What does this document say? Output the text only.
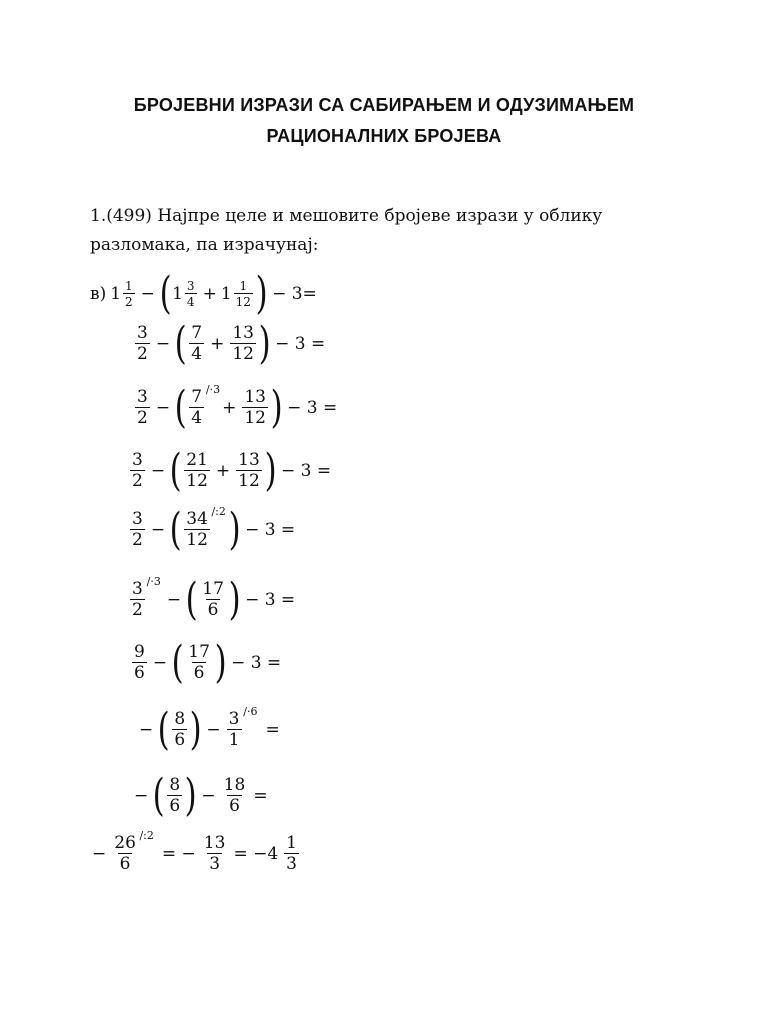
БРОЈЕВНИ ИЗРАЗИ СА САБИРАЊЕМ И ОДУЗИМАЊЕМ
РАЦИОНАЛНИХ БРОЈЕВА
1.(499) Најпре целе и мешовите бројеве изрази у облику
разломака, па израчунај:
в) $1 \frac{1}{2}$ − ( $1 \frac{3}{4} + 1 \frac{1}{12}$ ) − 3=
$\frac{3}{2}$ − ( $\frac{7}{4} + \frac{13}{12}$ ) − 3 =
$\frac{3}{2}$ − ( 7
4
/·3
+ $\frac{13}{12}$ ) − 3 =
$\frac{3}{2}$ − ( $\frac{21}{12} + \frac{13}{12}$ ) − 3 =
$\frac{3}{2}$ − ( 34
12
/:2 ) − 3 =
3
2
/·3
− ( $\frac{17}{6}$ ) − 3 =
$\frac{9}{6}$ − ( $\frac{17}{6}$ ) − 3 =
− ( $\frac{8}{6}$ ) −
3
1
/·6
=
− ( $\frac{8}{6}$ ) − $\frac{18}{6}$ =
−
26
6
/:2
= − $\frac{13}{3} = -4 \frac{1}{3}$
